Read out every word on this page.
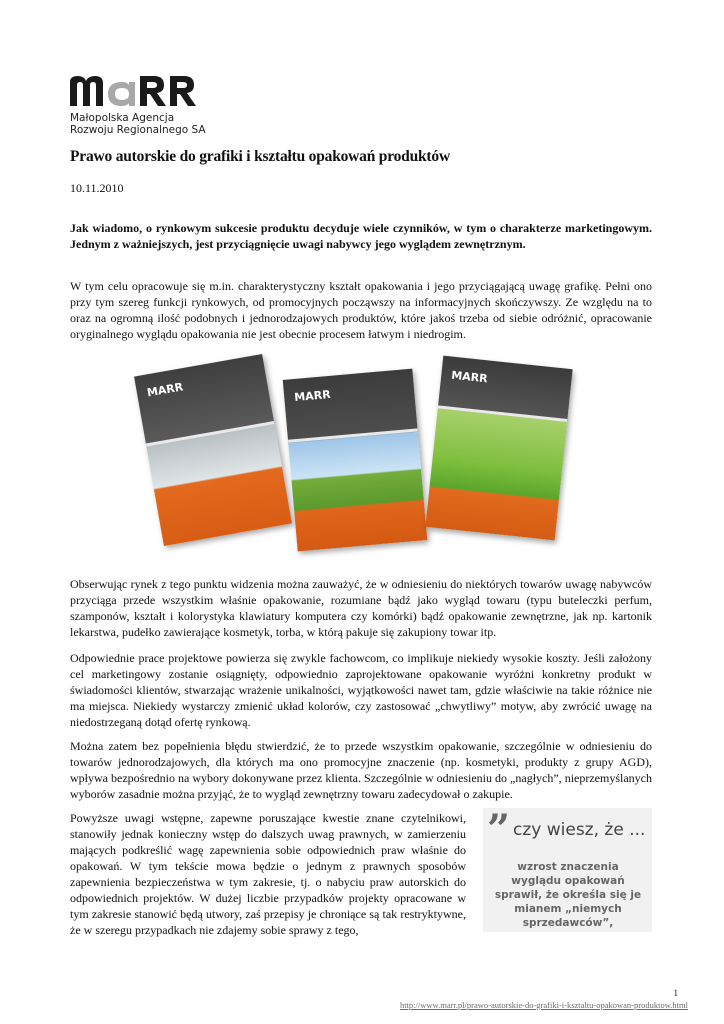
Małopolska Agencja
Rozwoju Regionalnego SA
Prawo autorskie do grafiki i kształtu opakowań produktów
10.11.2010

Jak wiadomo, o rynkowym sukcesie produktu decyduje wiele czynników, w tym o charakterze marketingowym. Jednym z ważniejszych, jest przyciągnięcie uwagi nabywcy jego wyglądem zewnętrznym.

W tym celu opracowuje się m.in. charakterystyczny kształt opakowania i jego przyciągającą uwagę grafikę. Pełni ono przy tym szereg funkcji rynkowych, od promocyjnych począwszy na informacyjnych skończywszy. Ze względu na to oraz na ogromną ilość podobnych i jednorodzajowych produktów, które jakoś trzeba od siebie odróżnić, opracowanie oryginalnego wyglądu opakowania nie jest obecnie procesem łatwym i niedrogim.

MARR	MARR
MARR

Obserwując rynek z tego punktu widzenia można zauważyć, że w odniesieniu do niektórych towarów uwagę nabywców przyciąga przede wszystkim właśnie opakowanie, rozumiane bądź jako wygląd towaru (typu buteleczki perfum, szamponów, kształt i kolorystyka klawiatury komputera czy komórki) bądź opakowanie zewnętrzne, jak np. kartonik lekarstwa, pudełko zawierające kosmetyk, torba, w którą pakuje się zakupiony towar itp.

Odpowiednie prace projektowe powierza się zwykle fachowcom, co implikuje niekiedy wysokie koszty. Jeśli założony cel marketingowy zostanie osiągnięty, odpowiednio zaprojektowane opakowanie wyróżni konkretny produkt w świadomości klientów, stwarzając wrażenie unikalności, wyjątkowości nawet tam, gdzie właściwie na takie różnice nie ma miejsca. Niekiedy wystarczy zmienić układ kolorów, czy zastosować „chwytliwy” motyw, aby zwrócić uwagę na niedostrzeganą dotąd ofertę rynkową.

Można zatem bez popełnienia błędu stwierdzić, że to przede wszystkim opakowanie, szczególnie w odniesieniu do towarów jednorodzajowych, dla których ma ono promocyjne znaczenie (np. kosmetyki, produkty z grupy AGD), wpływa bezpośrednio na wybory dokonywane przez klienta. Szczególnie w odniesieniu do „nagłych”, nieprzemyślanych wyborów zasadnie można przyjąć, że to wygląd zewnętrzny towaru zadecydował o zakupie.

Powyższe uwagi wstępne, zapewne poruszające kwestie znane czytelnikowi, stanowiły jednak konieczny wstęp do dalszych uwag prawnych, w zamierzeniu mających podkreślić wagę zapewnienia sobie odpowiednich praw właśnie do opakowań. W tym tekście mowa będzie o jednym z prawnych sposobów zapewnienia bezpieczeństwa w tym zakresie, tj. o nabyciu praw autorskich do odpowiednich projektów. W dużej liczbie przypadków projekty opracowane w tym zakresie stanowić będą utwory, zaś przepisy je chroniące są tak restryktywne, że w szeregu przypadkach nie zdajemy sobie sprawy z tego,

” czy wiesz, że ...
wzrost znaczenia wyglądu opakowań sprawił, że określa się je mianem „niemych sprzedawców”,
1
http://www.marr.pl/prawo-autorskie-do-grafiki-i-ksztaltu-opakowan-produktow.html
